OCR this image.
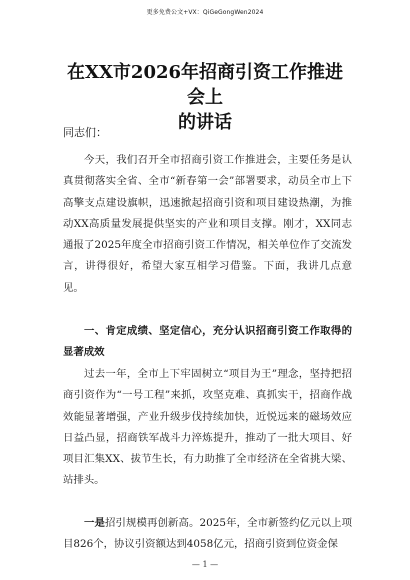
更多免费公文+VX：QiGeGongWen2024
在XX市2026年招商引资工作推进会上
的讲话
同志们：

今天，我们召开全市招商引资工作推进会，主要任务是认真贯彻落实全省、全市“新春第一会”部署要求，动员全市上下高擎支点建设旗帜，迅速掀起招商引资和项目建设热潮，为推动XX高质量发展提供坚实的产业和项目支撑。刚才，XX同志通报了2025年度全市招商引资工作情况，相关单位作了交流发言，讲得很好，希望大家互相学习借鉴。下面，我讲几点意见。

一、肯定成绩、坚定信心，充分认识招商引资工作取得的显著成效

过去一年，全市上下牢固树立“项目为王”理念，坚持把招商引资作为“一号工程”来抓，攻坚克难、真抓实干，招商作战效能显著增强，产业升级步伐持续加快，近悦远来的磁场效应日益凸显，招商铁军战斗力淬炼提升，推动了一批大项目、好项目汇集XX、拔节生长，有力助推了全市经济在全省挑大梁、站排头。

一是招引规模再创新高。2025年，全市新签约亿元以上项目826个，协议引资额达到4058亿元，招商引资到位资金保

— 1 —
